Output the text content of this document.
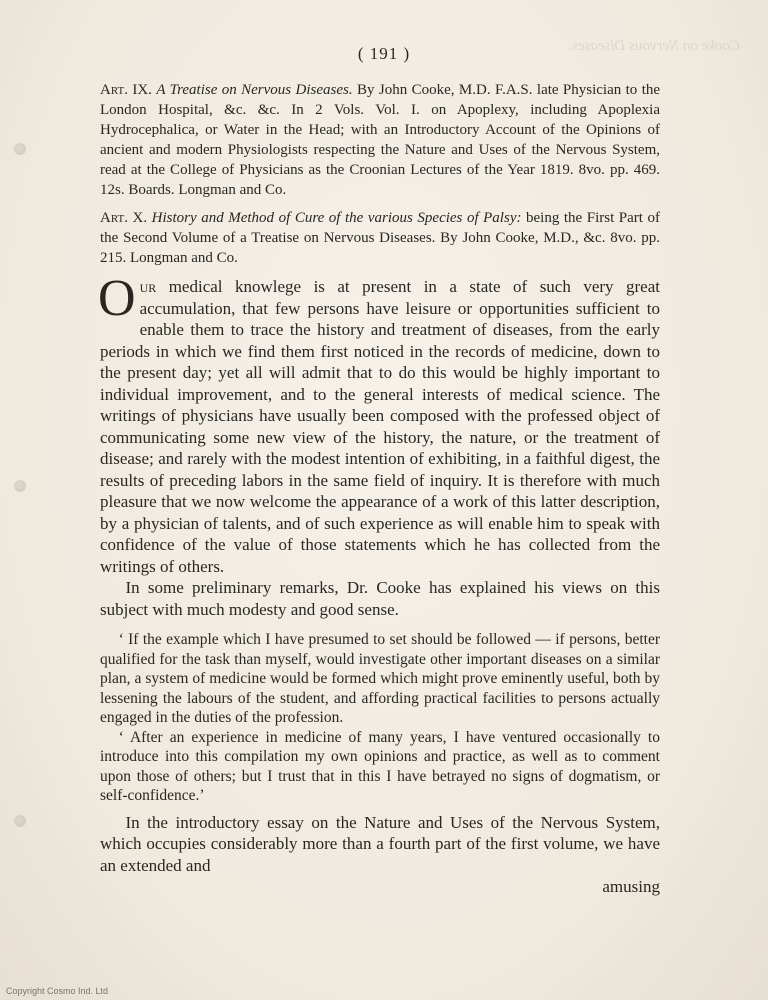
Cooke on Nervous Diseases.
( 191 )

Art. IX. A Treatise on Nervous Diseases. By John Cooke, M.D. F.A.S. late Physician to the London Hospital, &c. &c. In 2 Vols. Vol. I. on Apoplexy, including Apoplexia Hydrocephalica, or Water in the Head; with an Introductory Account of the Opinions of ancient and modern Physiologists respecting the Nature and Uses of the Nervous System, read at the College of Physicians as the Croonian Lectures of the Year 1819. 8vo. pp. 469. 12s. Boards. Longman and Co.

Art. X. History and Method of Cure of the various Species of Palsy: being the First Part of the Second Volume of a Treatise on Nervous Diseases. By John Cooke, M.D., &c. 8vo. pp. 215. Longman and Co.

Our medical knowlege is at present in a state of such very great accumulation, that few persons have leisure or opportunities sufficient to enable them to trace the history and treatment of diseases, from the early periods in which we find them first noticed in the records of medicine, down to the present day; yet all will admit that to do this would be highly important to individual improvement, and to the general interests of medical science. The writings of physicians have usually been composed with the professed object of communicating some new view of the history, the nature, or the treatment of disease; and rarely with the modest intention of exhibiting, in a faithful digest, the results of preceding labors in the same field of inquiry. It is therefore with much pleasure that we now welcome the appearance of a work of this latter description, by a physician of talents, and of such experience as will enable him to speak with confidence of the value of those statements which he has collected from the writings of others.

In some preliminary remarks, Dr. Cooke has explained his views on this subject with much modesty and good sense.

‘ If the example which I have presumed to set should be followed — if persons, better qualified for the task than myself, would investigate other important diseases on a similar plan, a system of medicine would be formed which might prove eminently useful, both by lessening the labours of the student, and affording practical facilities to persons actually engaged in the duties of the profession.

‘ After an experience in medicine of many years, I have ventured occasionally to introduce into this compilation my own opinions and practice, as well as to comment upon those of others; but I trust that in this I have betrayed no signs of dogmatism, or self-confidence.’

In the introductory essay on the Nature and Uses of the Nervous System, which occupies considerably more than a fourth part of the first volume, we have an extended and

amusing

Copyright Cosmo Ind. Ltd
